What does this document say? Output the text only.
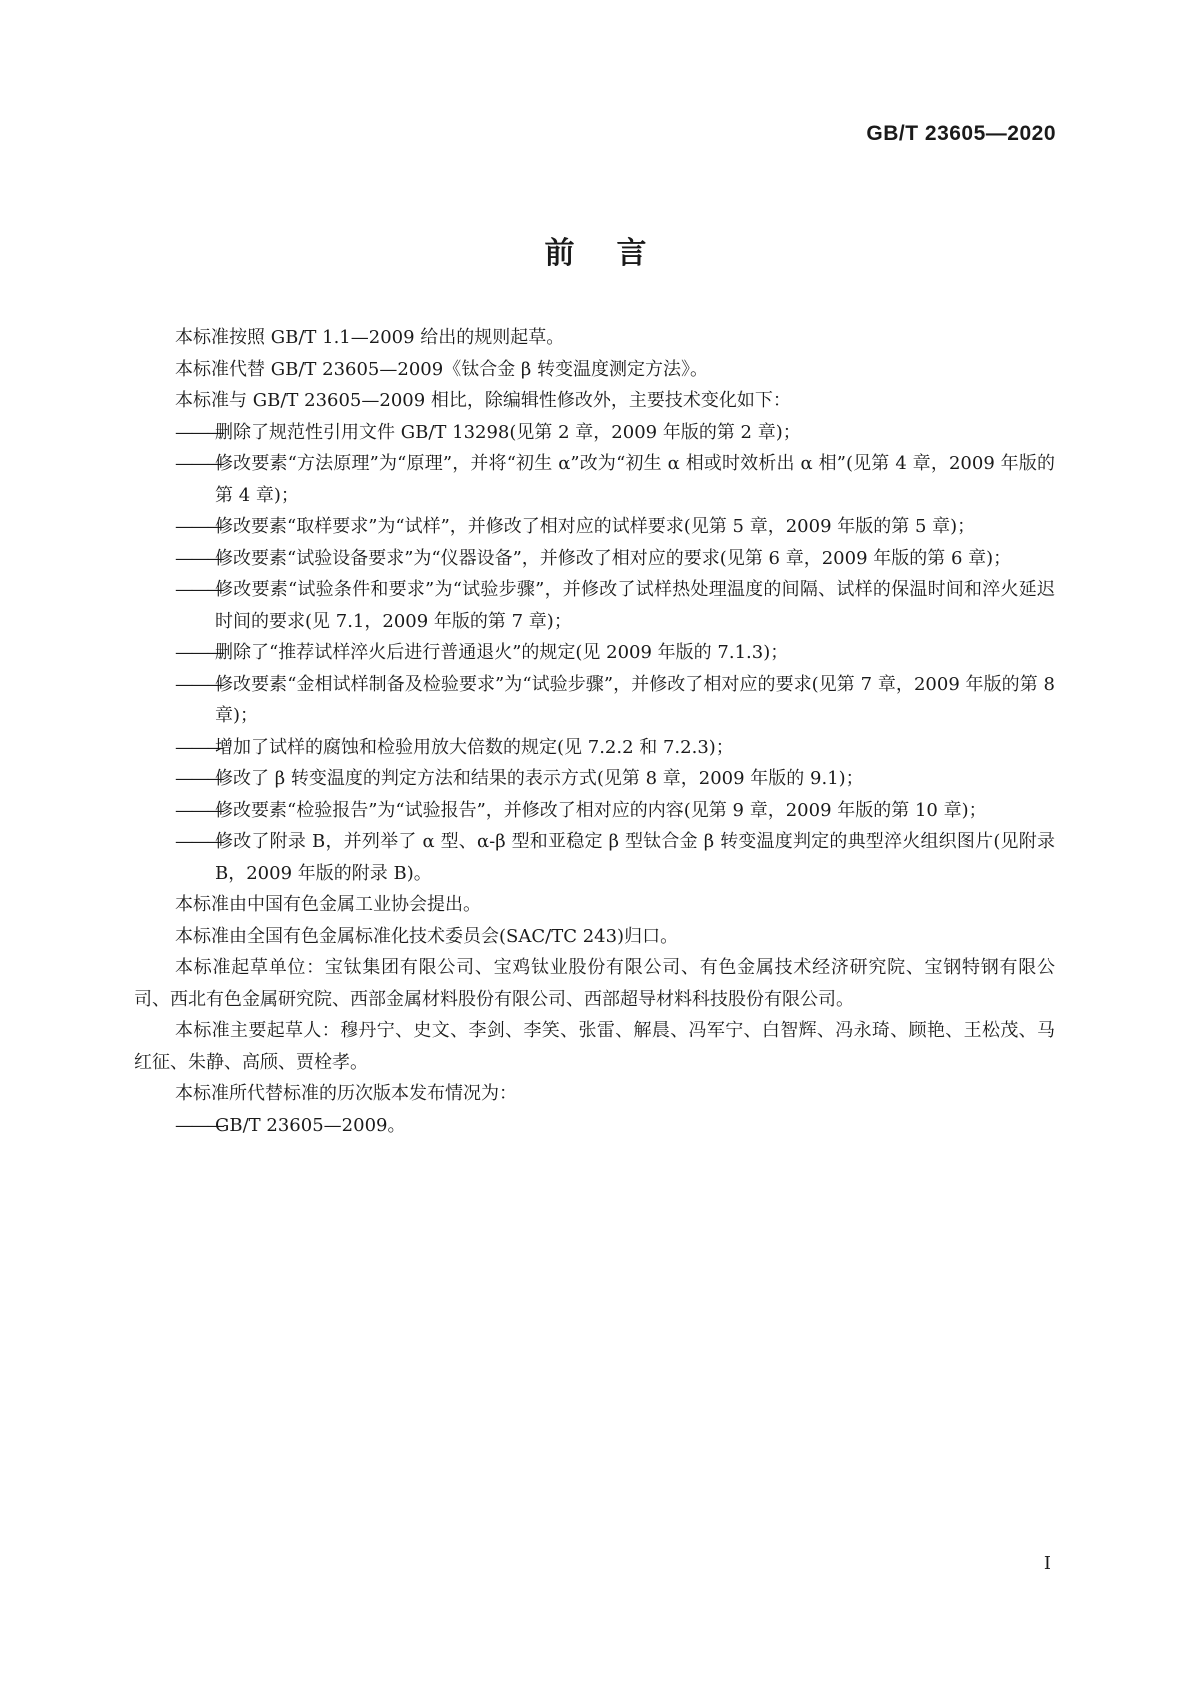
GB/T 23605—2020
前言

本标准按照 GB/T 1.1—2009 给出的规则起草。

本标准代替 GB/T 23605—2009《钛合金 β 转变温度测定方法》。

本标准与 GB/T 23605—2009 相比，除编辑性修改外，主要技术变化如下：

———
删除了规范性引用文件 GB/T 13298(见第 2 章，2009 年版的第 2 章)；
———
修改要素“方法原理”为“原理”，并将“初生 α”改为“初生 α 相或时效析出 α 相”(见第 4 章，2009 年版的第 4 章)；
———
修改要素“取样要求”为“试样”，并修改了相对应的试样要求(见第 5 章，2009 年版的第 5 章)；
———
修改要素“试验设备要求”为“仪器设备”，并修改了相对应的要求(见第 6 章，2009 年版的第 6 章)；
———
修改要素“试验条件和要求”为“试验步骤”，并修改了试样热处理温度的间隔、试样的保温时间和淬火延迟时间的要求(见 7.1，2009 年版的第 7 章)；
———
删除了“推荐试样淬火后进行普通退火”的规定(见 2009 年版的 7.1.3)；
———
修改要素“金相试样制备及检验要求”为“试验步骤”，并修改了相对应的要求(见第 7 章，2009 年版的第 8 章)；
———
增加了试样的腐蚀和检验用放大倍数的规定(见 7.2.2 和 7.2.3)；
———
修改了 β 转变温度的判定方法和结果的表示方式(见第 8 章，2009 年版的 9.1)；
———
修改要素“检验报告”为“试验报告”，并修改了相对应的内容(见第 9 章，2009 年版的第 10 章)；
———
修改了附录 B，并列举了 α 型、α-β 型和亚稳定 β 型钛合金 β 转变温度判定的典型淬火组织图片(见附录 B，2009 年版的附录 B)。

本标准由中国有色金属工业协会提出。

本标准由全国有色金属标准化技术委员会(SAC/TC 243)归口。

本标准起草单位：宝钛集团有限公司、宝鸡钛业股份有限公司、有色金属技术经济研究院、宝钢特钢有限公司、西北有色金属研究院、西部金属材料股份有限公司、西部超导材料科技股份有限公司。

本标准主要起草人：穆丹宁、史文、李剑、李笑、张雷、解晨、冯军宁、白智辉、冯永琦、顾艳、王松茂、马红征、朱静、高颀、贾栓孝。

本标准所代替标准的历次版本发布情况为：

———
GB/T 23605—2009。
I
